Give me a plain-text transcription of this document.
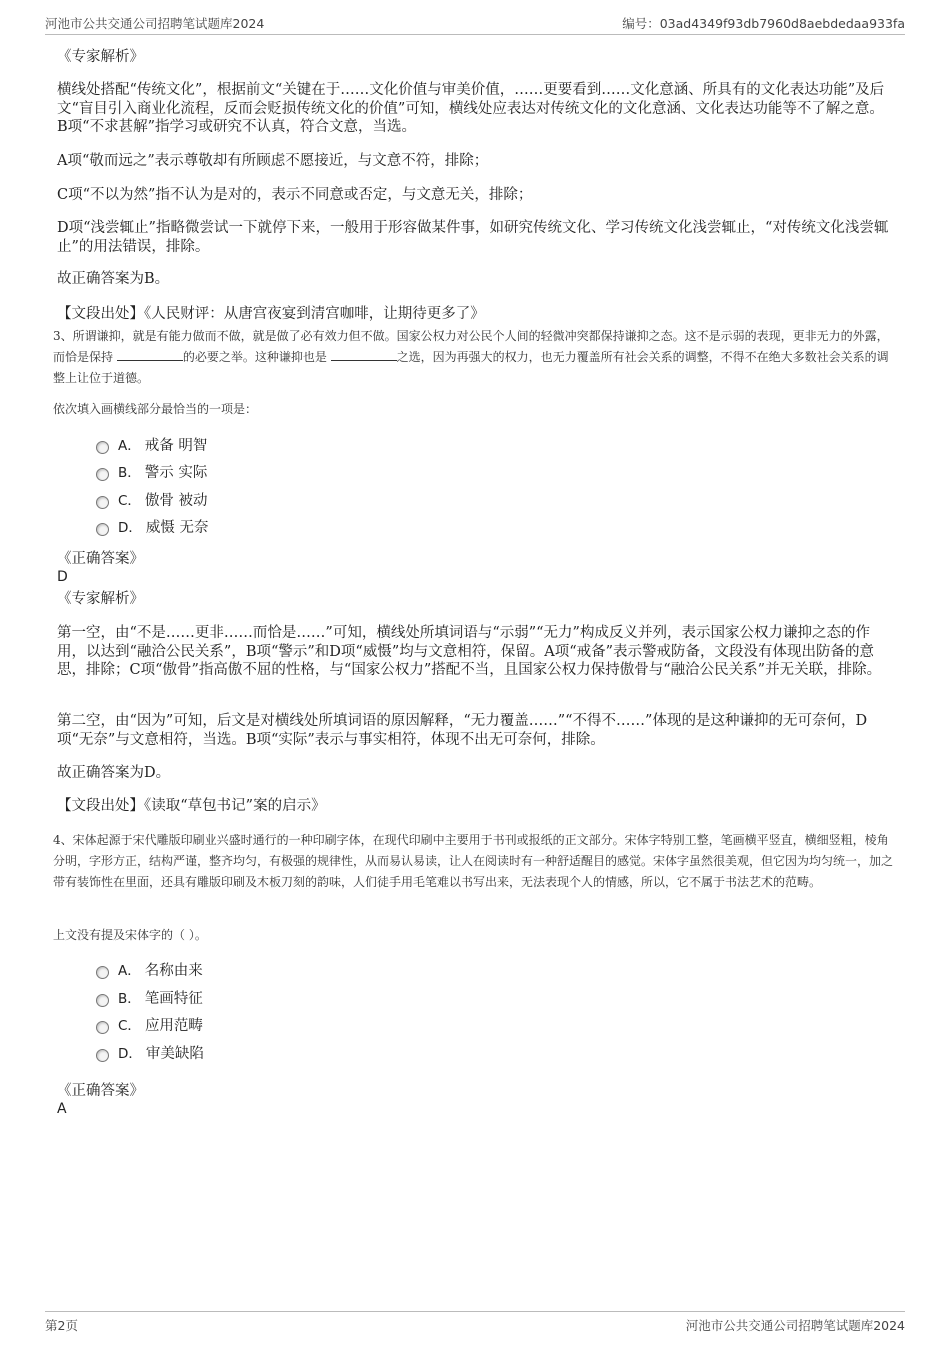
河池市公共交通公司招聘笔试题库2024	编号：03ad4349f93db7960d8aebdedaa933fa

《专家解析》

横线处搭配“传统文化”，根据前文“关键在于……文化价值与审美价值，……更要看到……文化意涵、所具有的文化表达功能”及后文“盲目引入商业化流程，反而会贬损传统文化的价值”可知，横线处应表达对传统文化的文化意涵、文化表达功能等不了解之意。B项“不求甚解”指学习或研究不认真，符合文意，当选。

A项“敬而远之”表示尊敬却有所顾虑不愿接近，与文意不符，排除；

C项“不以为然”指不认为是对的，表示不同意或否定，与文意无关，排除；

D项“浅尝辄止”指略微尝试一下就停下来，一般用于形容做某件事，如研究传统文化、学习传统文化浅尝辄止，“对传统文化浅尝辄止”的用法错误，排除。

故正确答案为B。

【文段出处】《人民财评：从唐宫夜宴到清宫咖啡，让期待更多了》

3、所谓谦抑，就是有能力做而不做，就是做了必有效力但不做。国家公权力对公民个人间的轻微冲突都保持谦抑之态。这不是示弱的表现，更非无力的外露，而恰是保持	的必要之举。这种谦抑也是	之选，因为再强大的权力，也无力覆盖所有社会关系的调整，不得不在绝大多数社会关系的调整上让位于道德。

依次填入画横线部分最恰当的一项是：

A． 戒备 明智
B． 警示 实际
C． 傲骨 被动
D． 威慑 无奈

《正确答案》

D

《专家解析》

第一空，由“不是……更非……而恰是……”可知，横线处所填词语与“示弱”“无力”构成反义并列，表示国家公权力谦抑之态的作用，以达到“融洽公民关系”，B项“警示”和D项“威慑”均与文意相符，保留。A项“戒备”表示警戒防备，文段没有体现出防备的意思，排除；C项“傲骨”指高傲不屈的性格，与“国家公权力”搭配不当，且国家公权力保持傲骨与“融洽公民关系”并无关联，排除。

第二空，由“因为”可知，后文是对横线处所填词语的原因解释，“无力覆盖……”“不得不……”体现的是这种谦抑的无可奈何，D项“无奈”与文意相符，当选。B项“实际”表示与事实相符，体现不出无可奈何，排除。

故正确答案为D。

【文段出处】《读取“草包书记”案的启示》

4、宋体起源于宋代雕版印刷业兴盛时通行的一种印刷字体，在现代印刷中主要用于书刊或报纸的正文部分。宋体字特别工整，笔画横平竖直，横细竖粗，棱角分明，字形方正，结构严谨，整齐均匀，有极强的规律性，从而易认易读，让人在阅读时有一种舒适醒目的感觉。宋体字虽然很美观，但它因为均匀统一，加之带有装饰性在里面，还具有雕版印刷及木板刀刻的韵味，人们徒手用毛笔难以书写出来，无法表现个人的情感，所以，它不属于书法艺术的范畴。

上文没有提及宋体字的（ ）。

A． 名称由来
B． 笔画特征
C． 应用范畴
D． 审美缺陷

《正确答案》

A

第2页	河池市公共交通公司招聘笔试题库2024
